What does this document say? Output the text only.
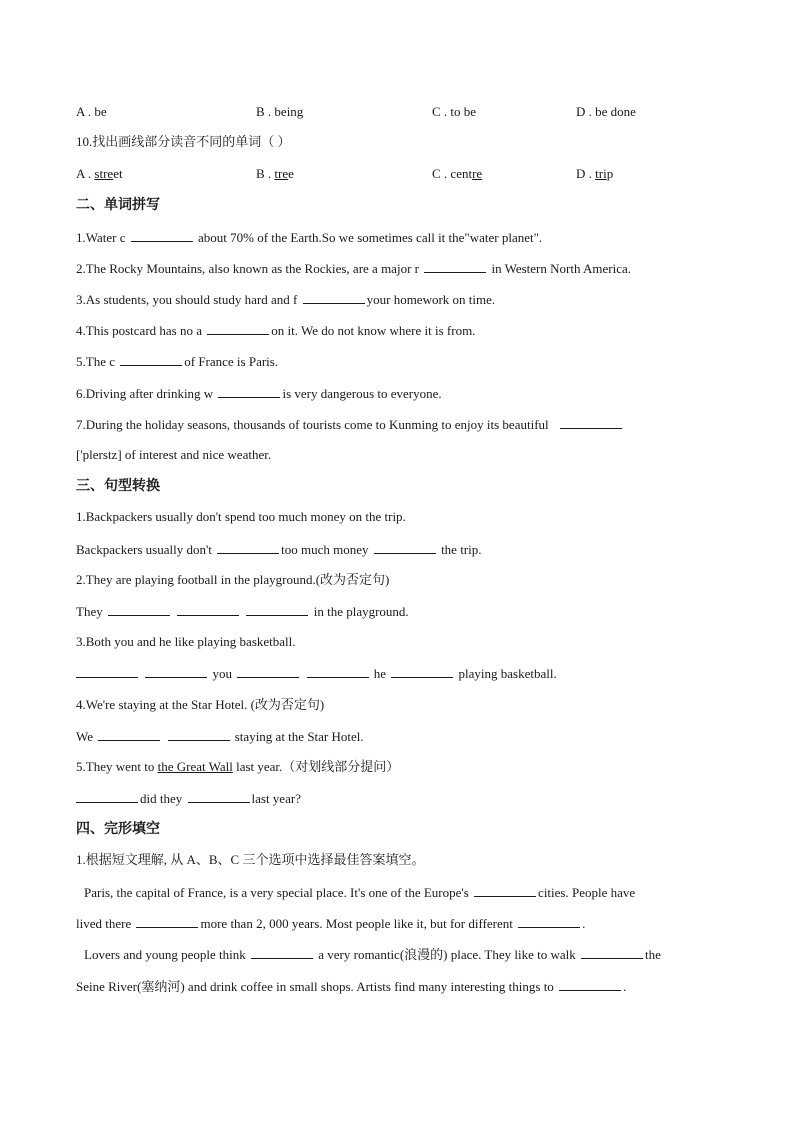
A . be	B . being	C . to be	D . be done
10.找出画线部分读音不同的单词（ ）
A . street	B . tree	C . centre	D . trip
二、单词拼写
1.Water c	about 70% of the Earth.So we sometimes call it the"water planet".
2.The Rocky Mountains, also known as the Rockies, are a major r	in Western North America.
3.As students, you should study hard and f	your homework on time.
4.This postcard has no a	on it. We do not know where it is from.
5.The c	of France is Paris.
6.Driving after drinking w	is very dangerous to everyone.
7.During the holiday seasons, thousands of tourists come to Kunming to enjoy its beautiful
['plerstz] of interest and nice weather.
三、句型转换
1.Backpackers usually don't spend too much money on the trip.
Backpackers usually don't	too much money	the trip.
2.They are playing football in the playground.(改为否定句)
They	in the playground.
3.Both you and he like playing basketball.
you	he	playing basketball.
4.We're staying at the Star Hotel. (改为否定句)
We	staying at the Star Hotel.
5.They went to the Great Wall last year.（对划线部分提问）
did they	last year?
四、完形填空
1.根据短文理解, 从 A、B、C 三个选项中选择最佳答案填空。
Paris, the capital of France, is a very special place. It's one of the Europe's	cities. People have
lived there	more than 2, 000 years. Most people like it, but for different	.
Lovers and young people think	a very romantic(浪漫的) place. They like to walk	the
Seine River(塞纳河) and drink coffee in small shops. Artists find many interesting things to	.
